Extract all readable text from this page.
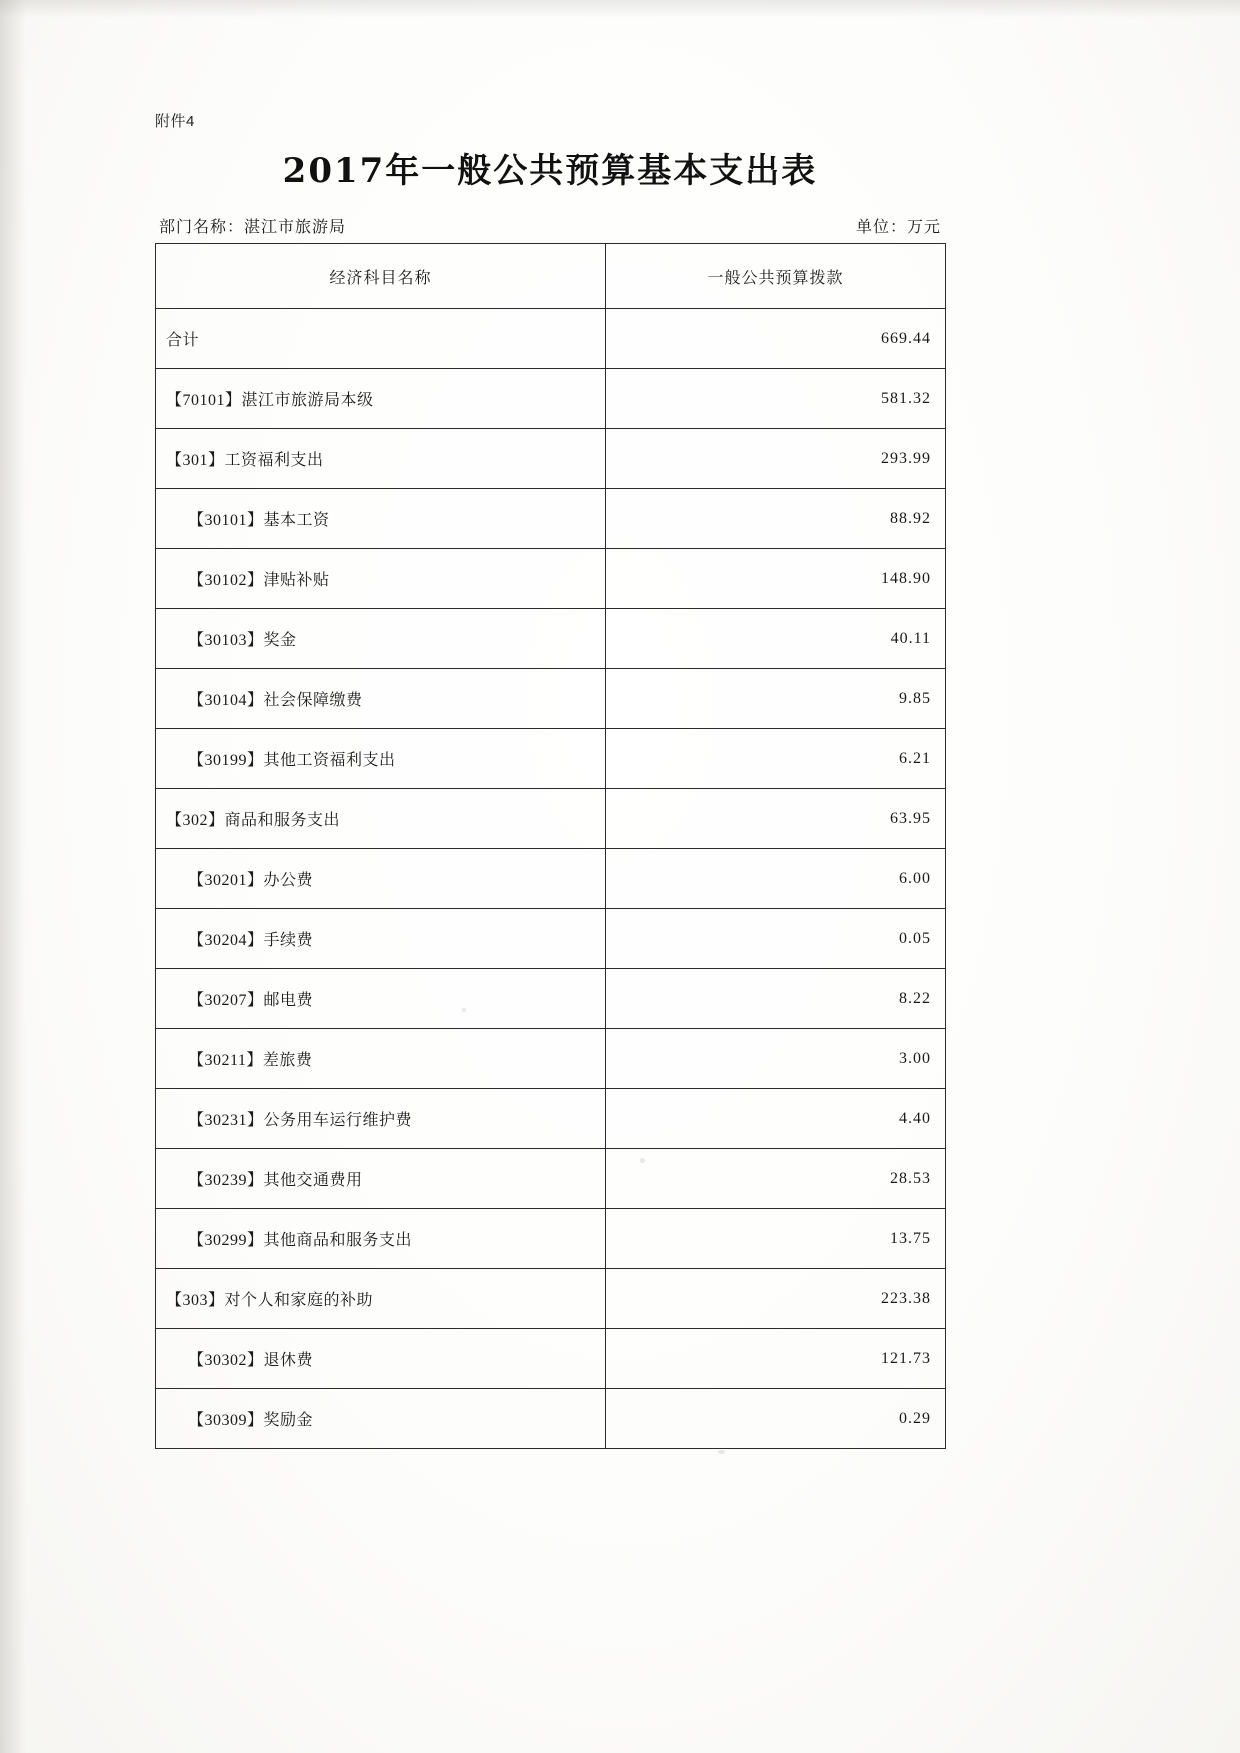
附件4
2017年一般公共预算基本支出表
部门名称：湛江市旅游局	单位：万元
经济科目名称	一般公共预算拨款
合计	669.44
【70101】湛江市旅游局本级	581.32
【301】工资福利支出	293.99
【30101】基本工资	88.92
【30102】津贴补贴	148.90
【30103】奖金	40.11
【30104】社会保障缴费	9.85
【30199】其他工资福利支出	6.21
【302】商品和服务支出	63.95
【30201】办公费	6.00
【30204】手续费	0.05
【30207】邮电费	8.22
【30211】差旅费	3.00
【30231】公务用车运行维护费	4.40
【30239】其他交通费用	28.53
【30299】其他商品和服务支出	13.75
【303】对个人和家庭的补助	223.38
【30302】退休费	121.73
【30309】奖励金	0.29
